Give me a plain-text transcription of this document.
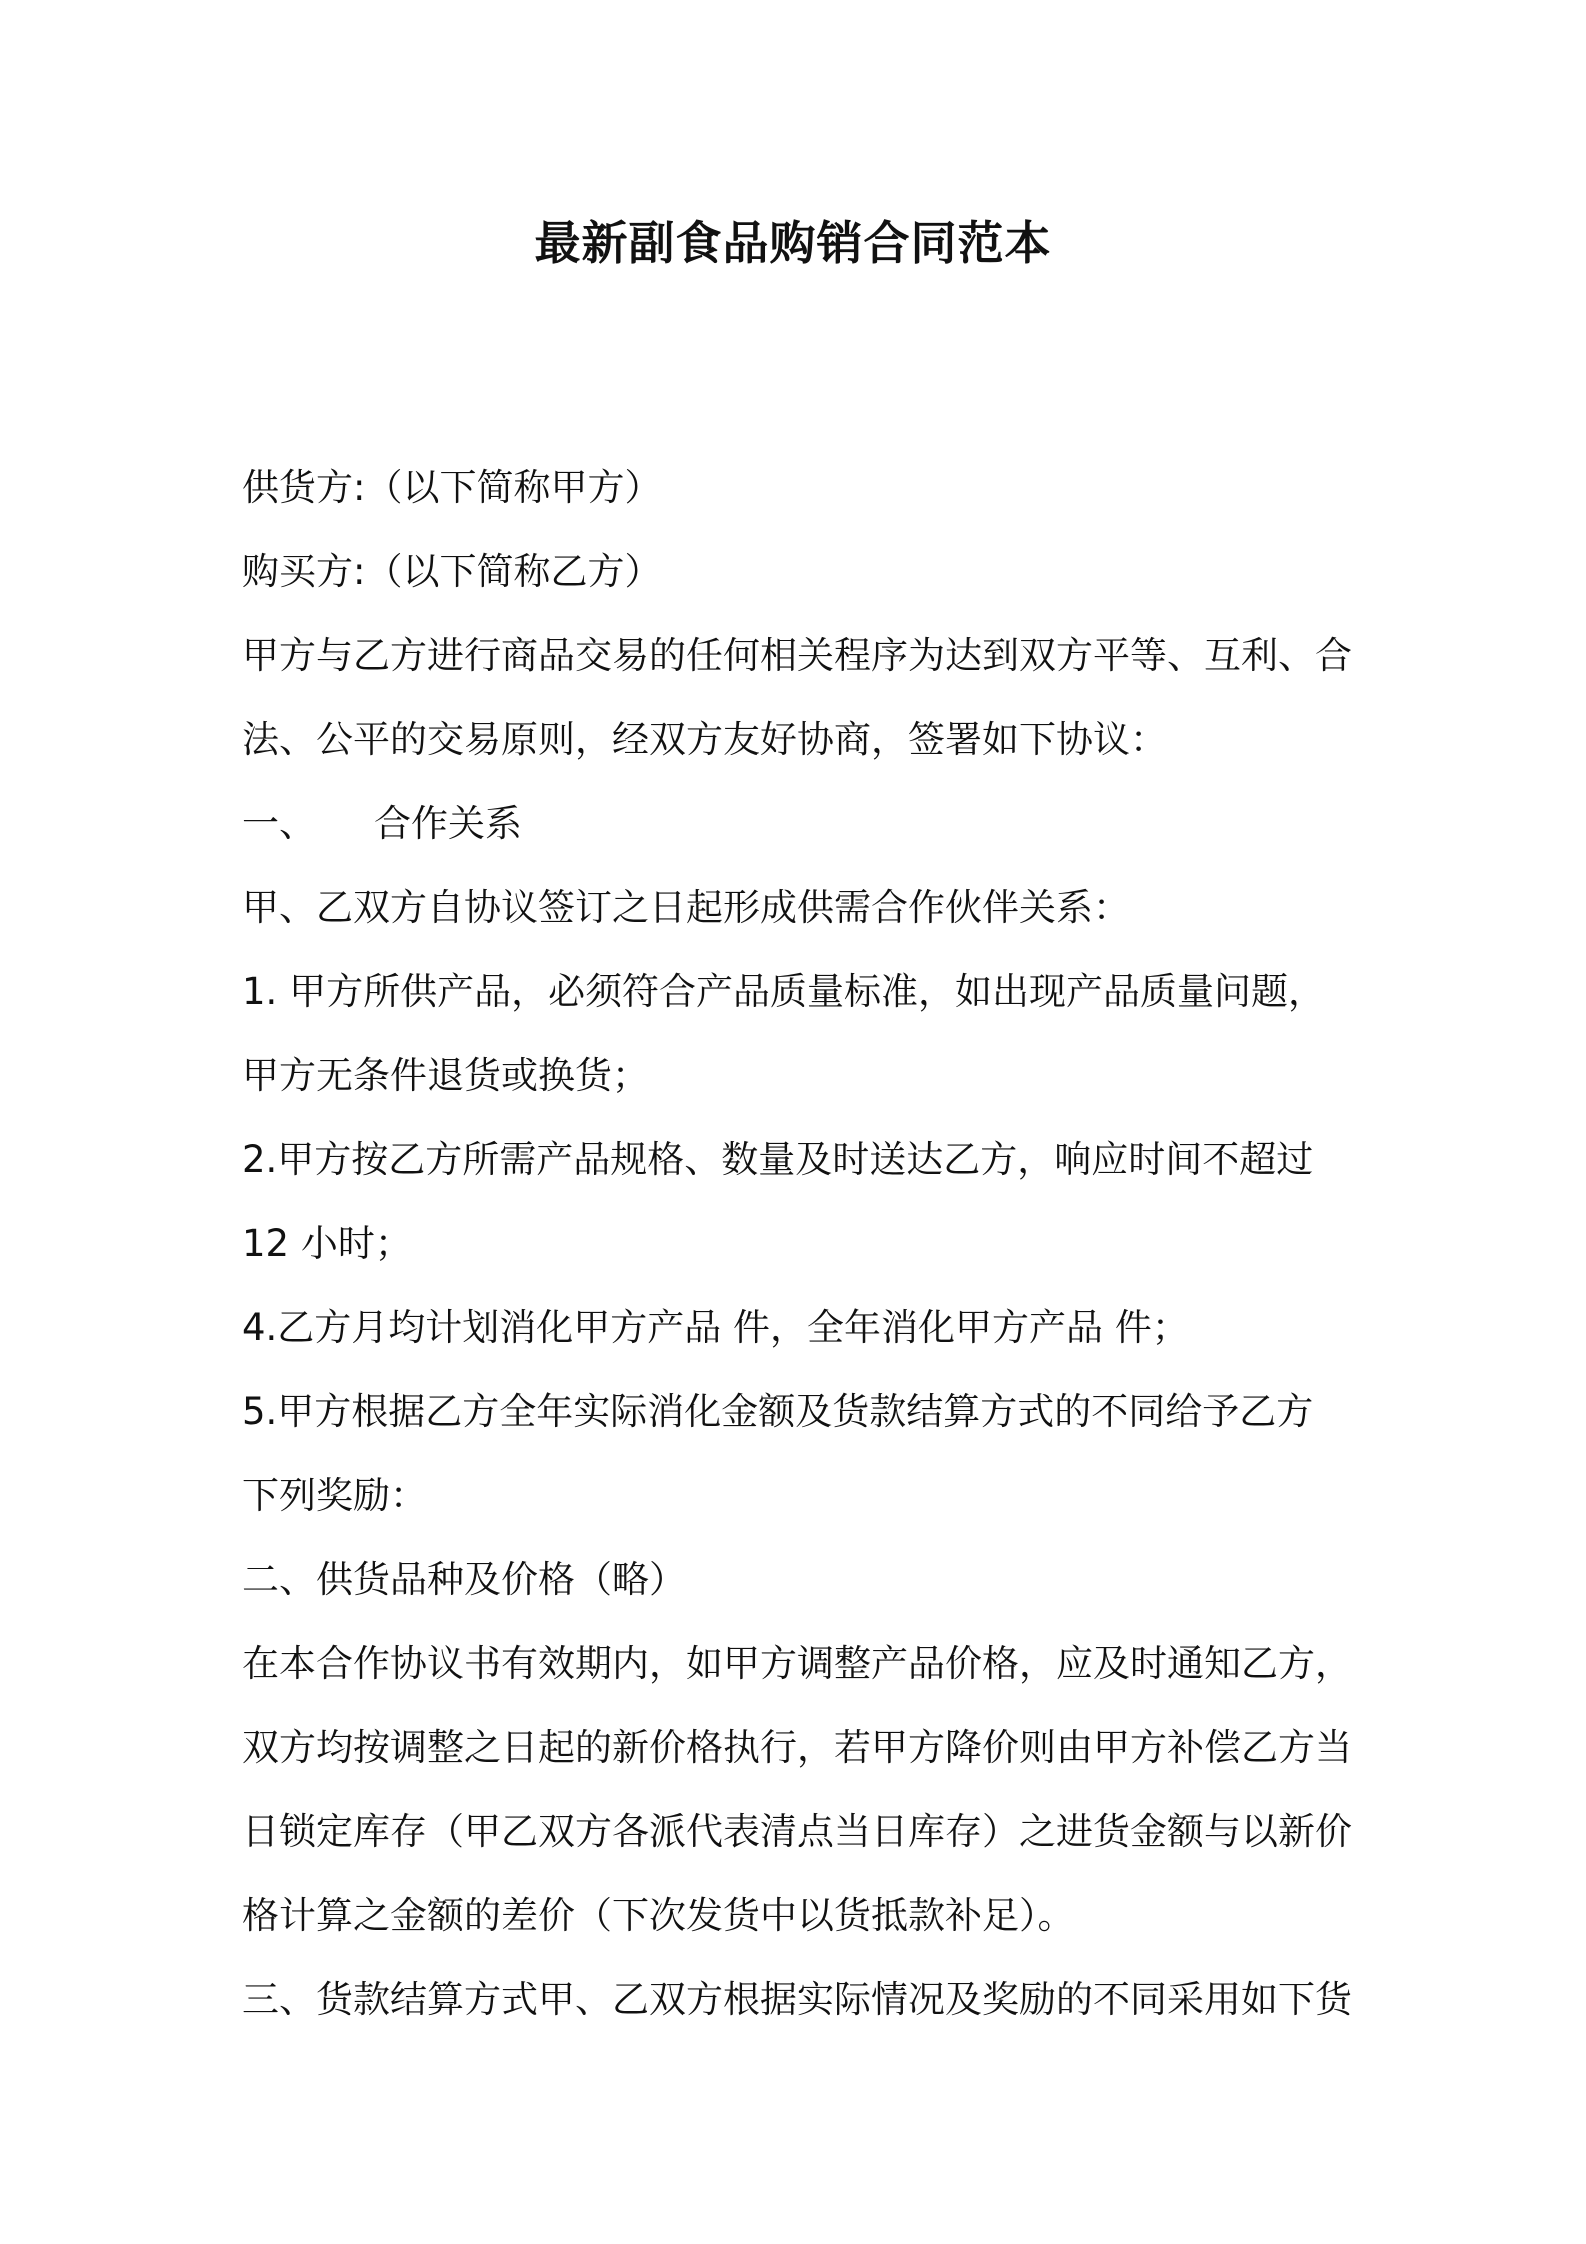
最新副食品购销合同范本
供货方:（以下简称甲方）
购买方:（以下简称乙方）
甲方与乙方进行商品交易的任何相关程序为达到双方平等、互利、合
法、公平的交易原则，经双方友好协商，签署如下协议：
一、 合作关系
甲、乙双方自协议签订之日起形成供需合作伙伴关系：
1. 甲方所供产品，必须符合产品质量标准，如出现产品质量问题，
甲方无条件退货或换货；
2.甲方按乙方所需产品规格、数量及时送达乙方，响应时间不超过
12 小时；
4.乙方月均计划消化甲方产品 件，全年消化甲方产品 件；
5.甲方根据乙方全年实际消化金额及货款结算方式的不同给予乙方
下列奖励：
二、供货品种及价格（略）
在本合作协议书有效期内，如甲方调整产品价格，应及时通知乙方，
双方均按调整之日起的新价格执行，若甲方降价则由甲方补偿乙方当
日锁定库存（甲乙双方各派代表清点当日库存）之进货金额与以新价
格计算之金额的差价（下次发货中以货抵款补足）。
三、货款结算方式甲、乙双方根据实际情况及奖励的不同采用如下货
